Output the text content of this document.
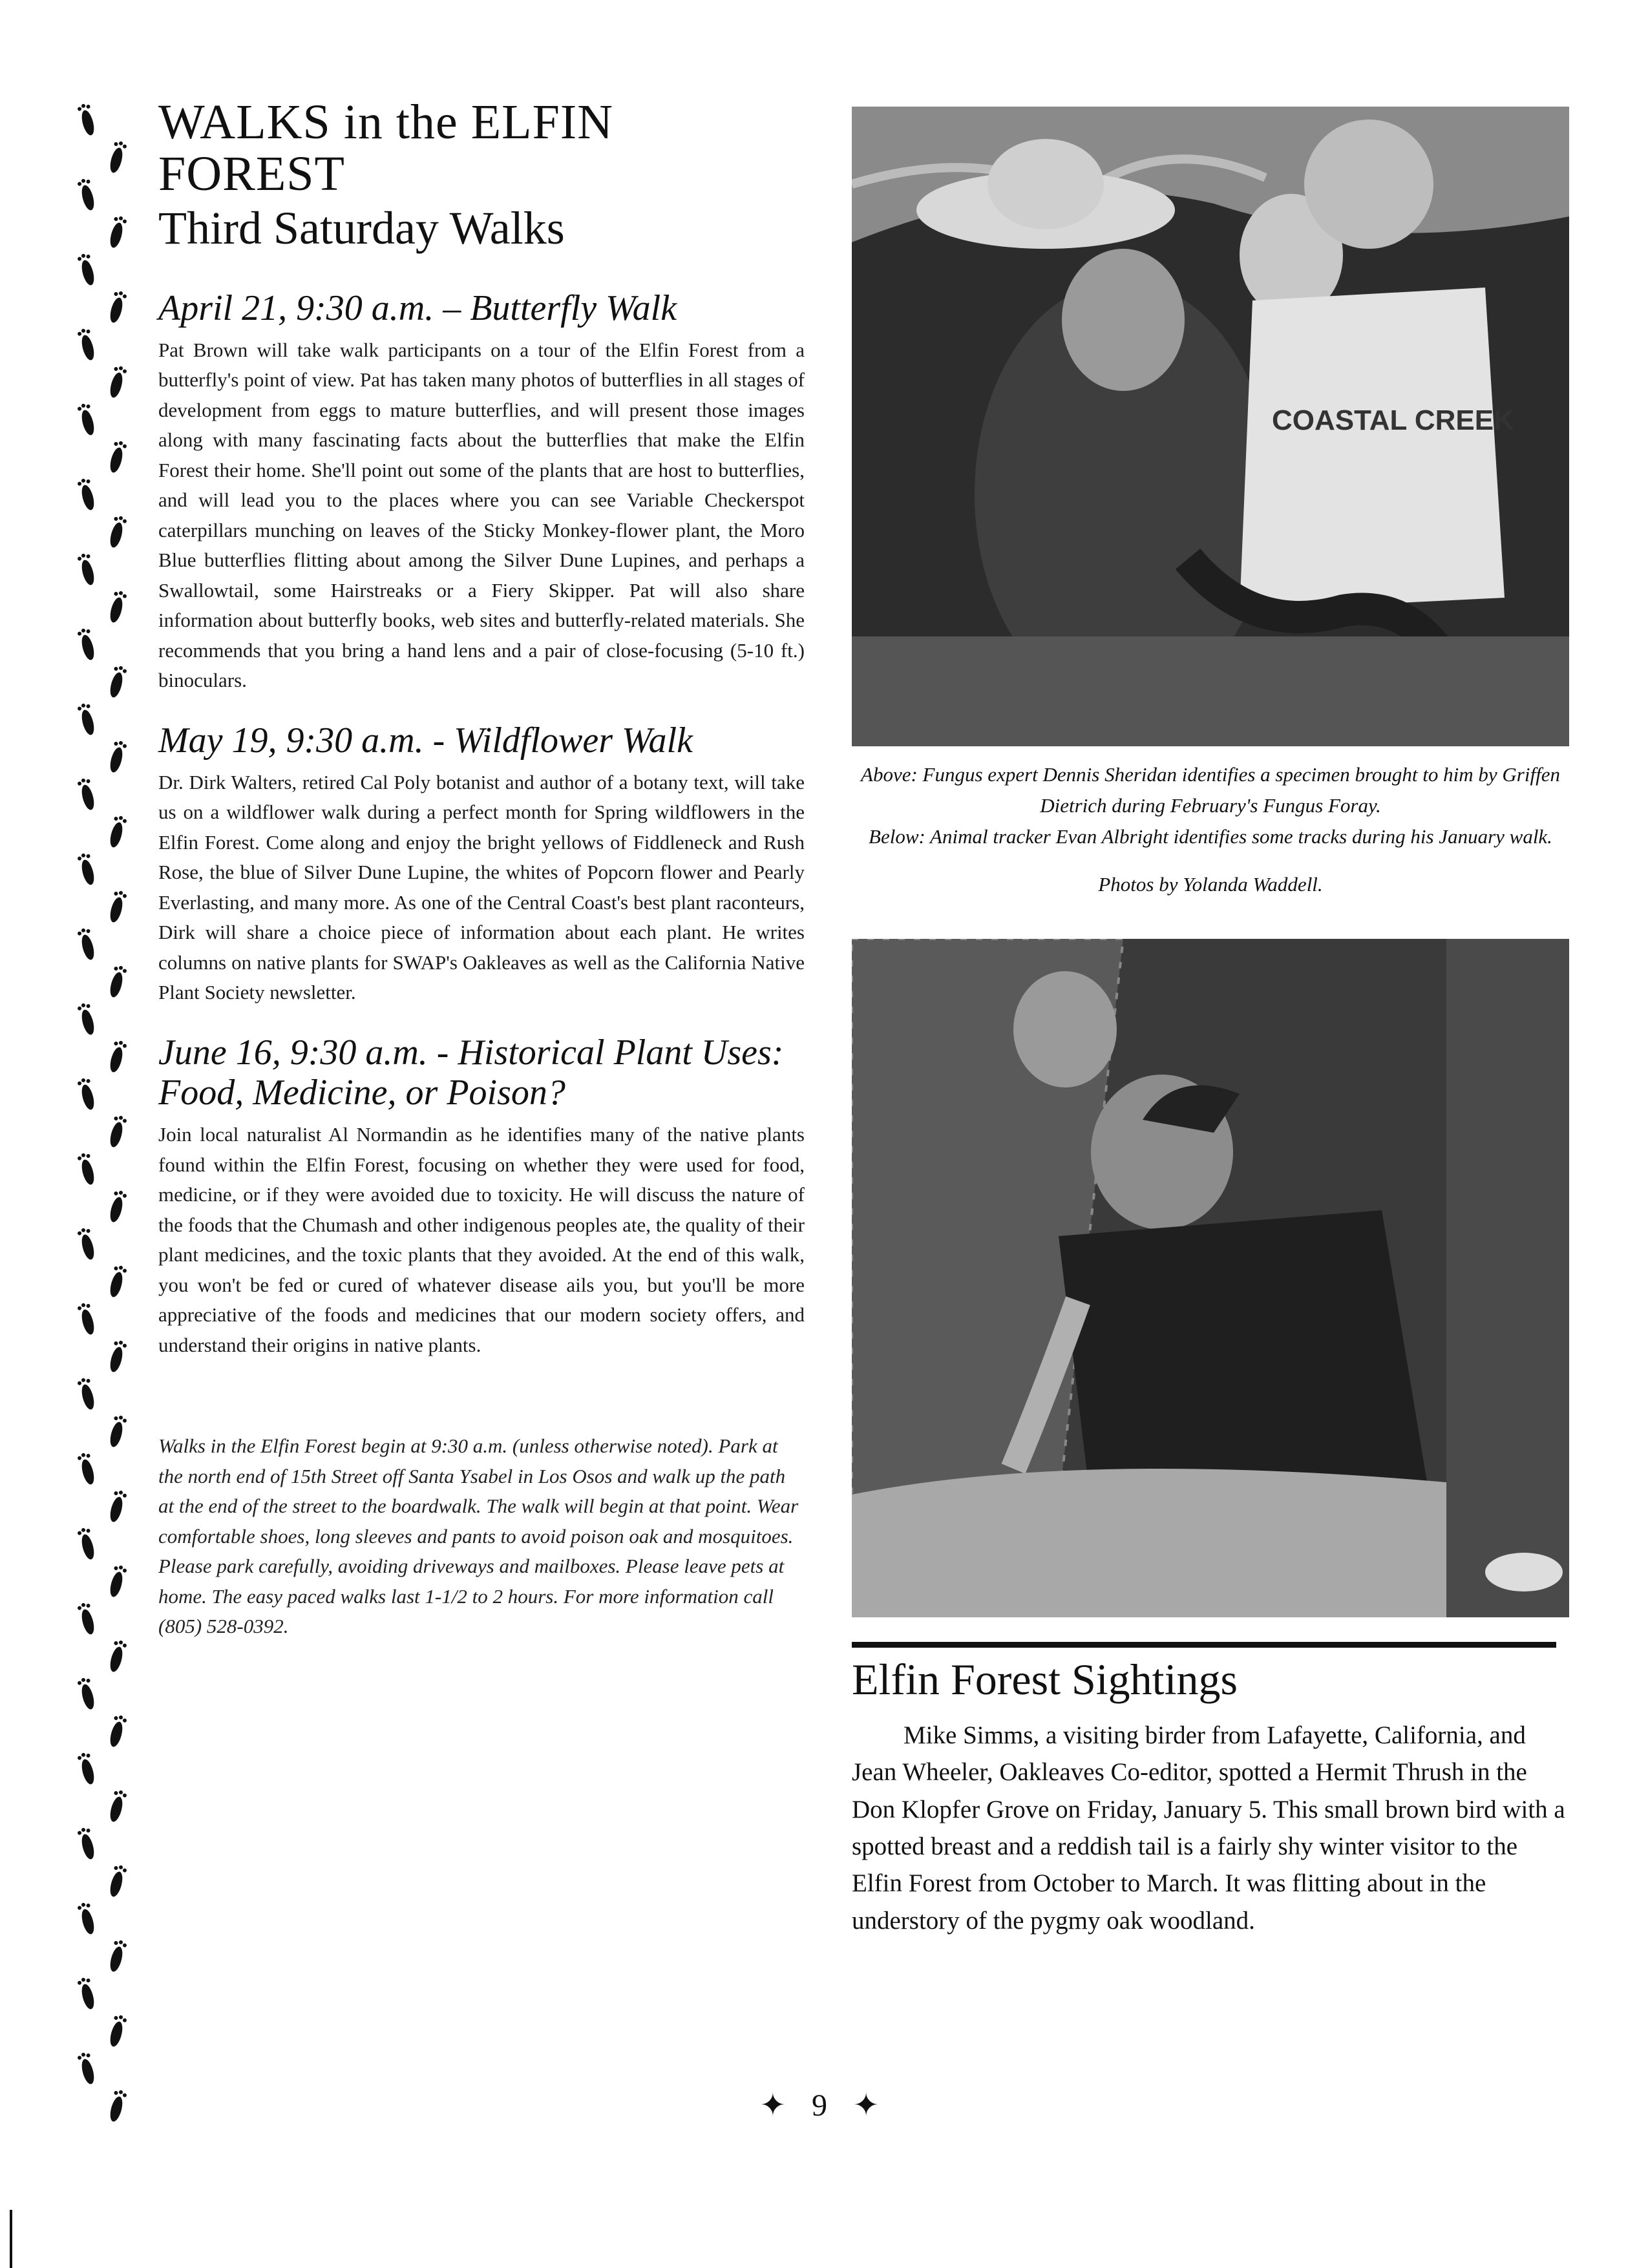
WALKS in the ELFIN FOREST
Third Saturday Walks
April 21, 9:30 a.m. – Butterfly Walk

Pat Brown will take walk participants on a tour of the Elfin Forest from a butterfly's point of view. Pat has taken many photos of butterflies in all stages of development from eggs to mature butterflies, and will present those images along with many fascinating facts about the butterflies that make the Elfin Forest their home. She'll point out some of the plants that are host to butterflies, and will lead you to the places where you can see Variable Checkerspot caterpillars munching on leaves of the Sticky Monkey-flower plant, the Moro Blue butterflies flitting about among the Silver Dune Lupines, and perhaps a Swallowtail, some Hairstreaks or a Fiery Skipper. Pat will also share information about butterfly books, web sites and butterfly-related materials. She recommends that you bring a hand lens and a pair of close-focusing (5-10 ft.) binoculars.

May 19, 9:30 a.m. - Wildflower Walk

Dr. Dirk Walters, retired Cal Poly botanist and author of a botany text, will take us on a wildflower walk during a perfect month for Spring wildflowers in the Elfin Forest. Come along and enjoy the bright yellows of Fiddleneck and Rush Rose, the blue of Silver Dune Lupine, the whites of Popcorn flower and Pearly Everlasting, and many more. As one of the Central Coast's best plant raconteurs, Dirk will share a choice piece of information about each plant. He writes columns on native plants for SWAP's Oakleaves as well as the California Native Plant Society newsletter.

June 16, 9:30 a.m. - Historical Plant Uses: Food, Medicine, or Poison?

Join local naturalist Al Normandin as he identifies many of the native plants found within the Elfin Forest, focusing on whether they were used for food, medicine, or if they were avoided due to toxicity. He will discuss the nature of the foods that the Chumash and other indigenous peoples ate, the quality of their plant medicines, and the toxic plants that they avoided. At the end of this walk, you won't be fed or cured of whatever disease ails you, but you'll be more appreciative of the foods and medicines that our modern society offers, and understand their origins in native plants.

Walks in the Elfin Forest begin at 9:30 a.m. (unless otherwise noted). Park at the north end of 15th Street off Santa Ysabel in Los Osos and walk up the path at the end of the street to the boardwalk. The walk will begin at that point. Wear comfortable shoes, long sleeves and pants to avoid poison oak and mosquitoes. Please park carefully, avoiding driveways and mailboxes. Please leave pets at home. The easy paced walks last 1-1/2 to 2 hours. For more information call (805) 528-0392.

COASTAL CREEK

Above: Fungus expert Dennis Sheridan identifies a specimen brought to him by Griffen Dietrich during February's Fungus Foray.

Below: Animal tracker Evan Albright identifies some tracks during his January walk.

Photos by Yolanda Waddell.

Elfin Forest Sightings

Mike Simms, a visiting birder from Lafayette, California, and Jean Wheeler, Oakleaves Co-editor, spotted a Hermit Thrush in the Don Klopfer Grove on Friday, January 5. This small brown bird with a spotted breast and a reddish tail is a fairly shy winter visitor to the Elfin Forest from October to March. It was flitting about in the understory of the pygmy oak woodland.

✦ 9 ✦
